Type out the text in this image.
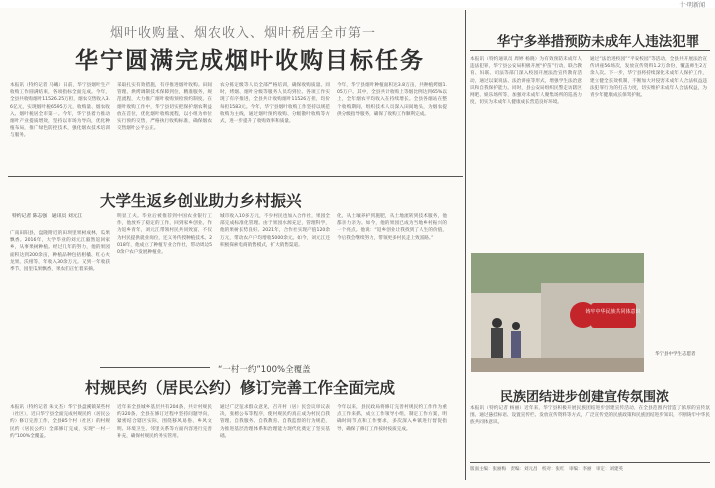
十·明新闻
烟叶收购量、烟农收入、烟叶税居全市第一
华宁圆满完成烟叶收购目标任务
本报讯（特约记者 马曦）日前，华宁县烟叶生产收购工作圆满结束，各项指标全面完成。今年，全县共收购烟叶11526.25万担，烟农交售收入3.6亿元，实现烟叶税6595万元，收购量、烟农收入、烟叶税居全市第一。今年，华宁县着力推动烟叶产业提质增效，坚持以市场为导向，优化种植布局，推广绿色防控技术，强化烟农技术培训与服务。
采取扎实有效措施，有序推进烟叶收购。田间管理、烘烤调制技术保障到位，精准服务，规范流程，大力推广烟叶收购预检预约制度。在烟叶收购工作中，华宁县切实把保护烟农利益放在首位，优化烟叶收购流程，以小组为单位实行预约交售，严格执行收购标准，确保烟农交售烟叶公平公正。
农分拣定级等人员全部严格培训，确保收购质量。同时，烤烟、烟叶分级等服务人员均到位。各项工作实现了有序推进，全县共计收购烟叶11526万担，均价每担1583元。今年，华宁县烟叶收购工作坚持以规范收购为主线，通过烟叶预约收购、分级散叶收购等方式，进一步提升了收购效率和质量。
今年，华宁县烟叶种植面积达3.8万亩，共种植烤烟1.05万户。其中，全县共计收购上等烟比例达到65%以上，全年烟农平均收入在持续增长。全县各烟站在整个收购期间，组织技术人员深入田间地头，为烟农提供分级指导服务，确保了收购工作顺利完成。
华宁多举措预防未成年人违法犯罪
本报讯（特约通讯员 周婷 杨晓）为有效预防未成年人违法犯罪，华宁县公安局积极开展“护苗”行动，联合教育、妇联、司法等部门深入校园开展法治宣传教育活动，通过以案说法、法治讲座等形式，增强学生法治意识和自我保护能力。同时，县公安局组织民警走访辖区网吧、娱乐场所等，加强对未成年人聚集场所的巡查力度，切实为未成年人健康成长营造良好环境。
通过“法治进校园”“平安校园”等活动，全县共开展法治宣传讲座56场次，发放宣传资料1.2万余份，覆盖师生2万余人次。下一步，华宁县将持续深化未成年人保护工作，建立健全长效机制，不断加大对侵害未成年人合法权益违法犯罪行为的打击力度，切实维护未成年人合法权益，为青少年健康成长保驾护航。
大学生返乡创业助力乡村振兴
特约记者 陈志强　通讯员 刘元江
广南田阳县，盘隆附近的田坝里果树成林，瓜果飘香。2016年，大学毕业的刘元江毅然返回家乡，从事果树种植。经过几年的努力，他的果园面积达到200余亩，种植品种包括柑橘、红心火龙果、沃柑等，年收入30余万元。又到一年收获季节，园里瓜果飘香，果农们正忙着采摘。
明显工夫。毕业后被推荐到中国农业银行工作，他放弃了稳定的工作，回到家乡创业。作为返乡青年，刘元江带领村民共同致富，不仅为村民提供就业岗位，还义务传授种植技术。2018年，他成立了种植专业合作社，带动周边50余户农户发展种植业。
城市收入10多万元，不少村民也加入合作社，果园全部完成标准化管理。由于果园水源充足，管理科学，他的果树长势良好。2021年，合作社实现产值120余万元，带动农户户均增收5000余元。如今，刘元江还积极探索电商销售模式，扩大销售渠道。
化，从土壤养护到施肥，从土地流转到技术服务，他都亲力亲为。如今，他的果园已成为当地乡村振兴的一个亮点。他说：“返乡创业让我找到了人生的价值，今后我会继续努力，带领更多村民走上致富路。”
“一村一约”100%全覆盖
村规民约（居民公约）修订完善工作全面完成
本报讯（特约记者 朱文杰）华宁县盘溪镇某些村（社区），近日华宁县全面完成村规民约（居民公约）修订完善工作，全县85个村（社区）的村规民约（居民公约）全部修订完成，实现“一村一约”100%全覆盖。
近年来全县城乡基层共有204条，共计村规民约320条，全县在修订过程中坚持问题导向，紧密结合辖区实际，围绕移风易俗、乡风文明、环境卫生、邻里关系等方面内容进行完善补充，确保村规民约务实管用。
通过广泛征求群众意见，召开村（居）民会议审议表决，张榜公布等程序，使村规民约真正成为村民自我管理、自我服务、自我教育、自我监督的行为规范，为推进基层治理体系和治理能力现代化奠定了坚实基础。
今年以来，县民政局将修订完善村规民约工作作为重点工作来抓，成立工作领导小组，制定工作方案，明确时间节点和工作要求，多次深入乡镇进行督促指导，确保了修订工作按时按质完成。
铸牢中华民族共同体意识
华宁县中学生志愿者
民族团结进步创建宣传氛围浓
本报讯（特约记者 杨丽）近年来，华宁县积极开展民族团结进步创建宣传活动，在全县范围内营造了浓厚的宣传氛围。通过悬挂标语、设置宣传栏、发放宣传资料等方式，广泛宣传党的民族政策和民族团结进步知识，不断铸牢中华民族共同体意识。
版面主编：张丽梅　责编：刘元昌　校对：张红　审编：李丽　审定：刘建英
